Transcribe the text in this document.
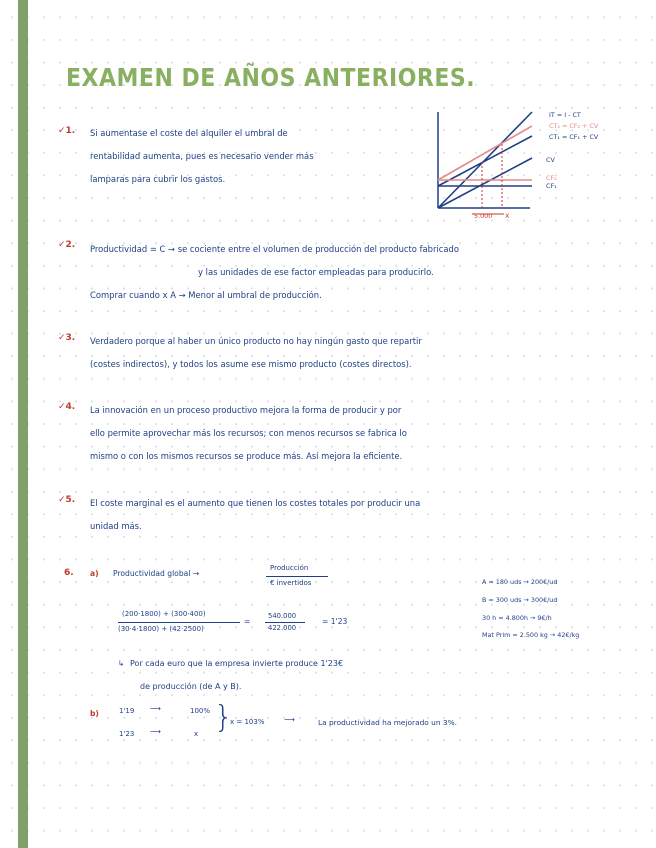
EXAMEN DE AÑOS ANTERIORES.
✓1. Si aumentase el coste del alquiler el umbral de
rentabilidad aumenta, pues es necesario vender más
lamparas para cubrir los gastos.
IT = I - CT
CT₂ = CF₂ + CV
CT₁ = CF₁ + CV
CV
CF₂
CF₁
5.000 X
✓2. Productividad = C → se cociente entre el volumen de producción del producto fabricado
y las unidades de ese factor empleadas para producirlo.
Comprar cuando x A → Menor al umbral de producción.
✓3. Verdadero porque al haber un único producto no hay ningún gasto que repartir
(costes indirectos), y todos los asume ese mismo producto (costes directos).
✓4. La innovación en un proceso productivo mejora la forma de producir y por
ello permite aprovechar más los recursos; con menos recursos se fabrica lo
mismo o con los mismos recursos se produce más. Así mejora la eficiente.
✓5. El coste marginal es el aumento que tienen los costes totales por producir una
unidad más.
6. a) Productividad global →
Producción
€ invertidos	A = 180 uds → 200€/ud
B = 300 uds → 300€/ud
30 h = 4.800h → 9€/h
Mat Prim = 2.500 kg → 42€/kg
(200·1800) + (300·400)
(30·4·1800) + (42·2500)
=
540.000
422.000
= 1'23
↳ Por cada euro que la empresa invierte produce 1'23€
de producción (de A y B).
b)	1'19 ⟶	100%
1'23 ⟶	x }
x = 103%	⟶	La productividad ha mejorado un 3%.
